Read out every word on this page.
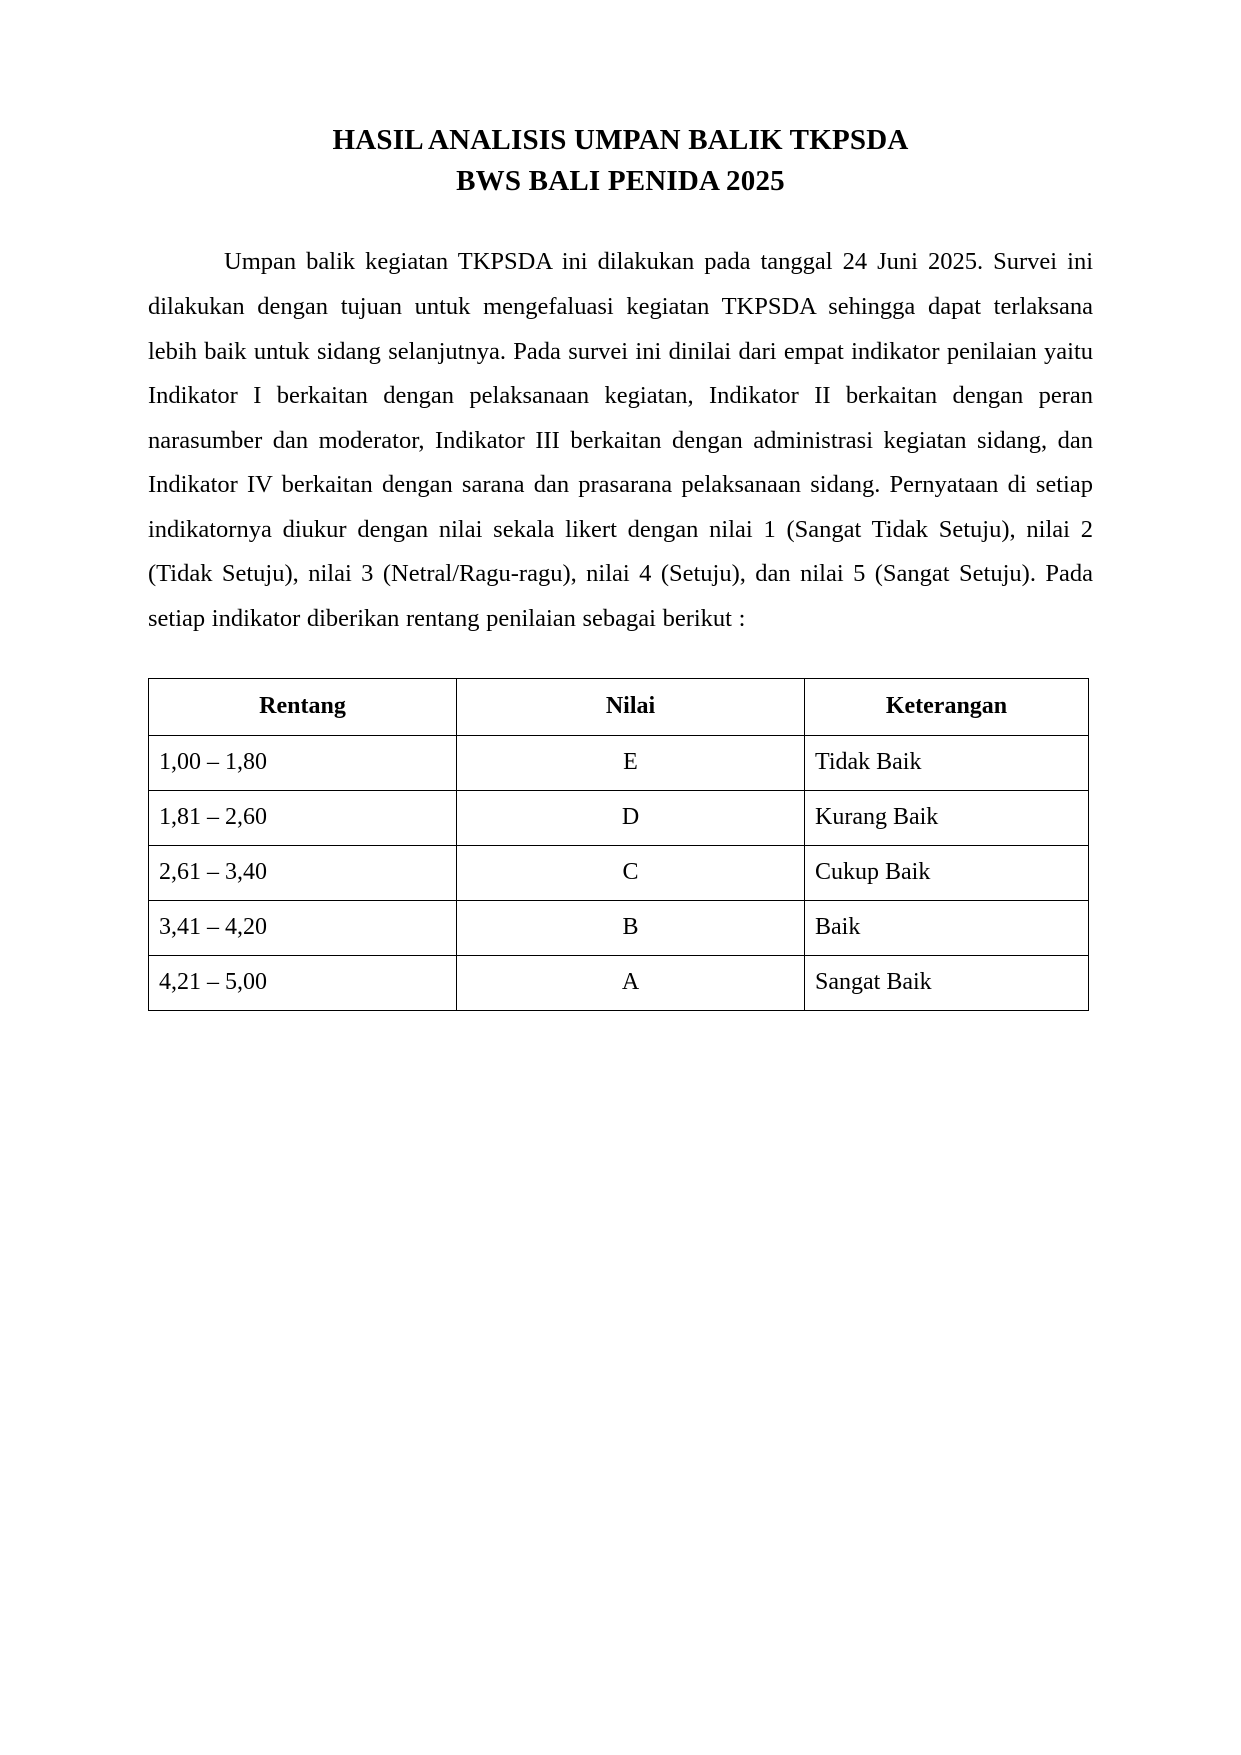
HASIL ANALISIS UMPAN BALIK TKPSDA
BWS BALI PENIDA 2025

Umpan balik kegiatan TKPSDA ini dilakukan pada tanggal 24 Juni 2025. Survei ini dilakukan dengan tujuan untuk mengefaluasi kegiatan TKPSDA sehingga dapat terlaksana lebih baik untuk sidang selanjutnya. Pada survei ini dinilai dari empat indikator penilaian yaitu Indikator I berkaitan dengan pelaksanaan kegiatan, Indikator II berkaitan dengan peran narasumber dan moderator, Indikator III berkaitan dengan administrasi kegiatan sidang, dan Indikator IV berkaitan dengan sarana dan prasarana pelaksanaan sidang. Pernyataan di setiap indikatornya diukur dengan nilai sekala likert dengan nilai 1 (Sangat Tidak Setuju), nilai 2 (Tidak Setuju), nilai 3 (Netral/Ragu-ragu), nilai 4 (Setuju), dan nilai 5 (Sangat Setuju). Pada setiap indikator diberikan rentang penilaian sebagai berikut :

Rentang	Nilai	Keterangan
1,00 – 1,80	E	Tidak Baik
1,81 – 2,60	D	Kurang Baik
2,61 – 3,40	C	Cukup Baik
3,41 – 4,20	B	Baik
4,21 – 5,00	A	Sangat Baik
